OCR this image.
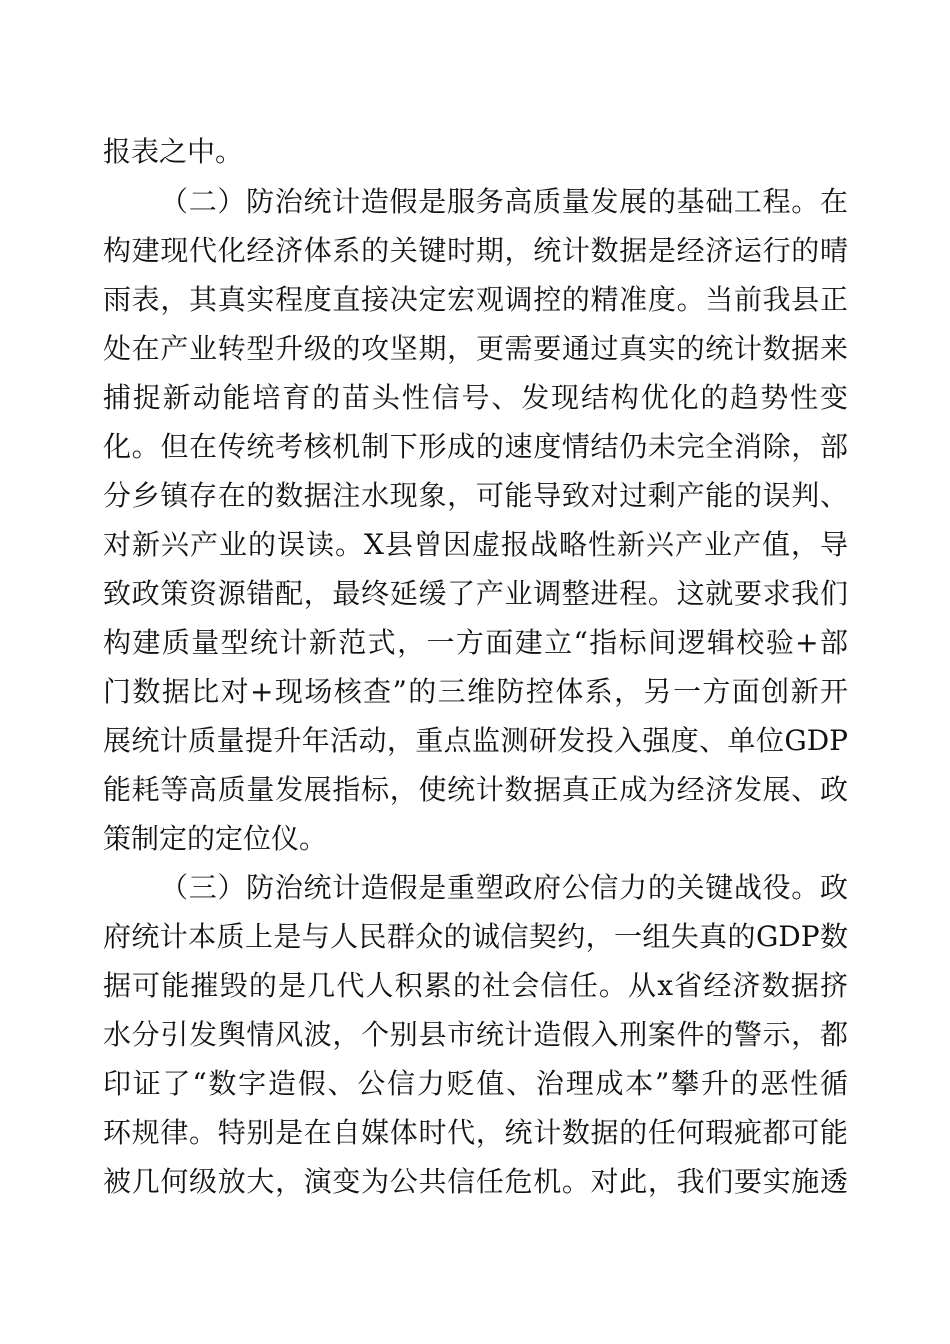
报表之中。
（二）防治统计造假是服务高质量发展的基础工程。在
构建现代化经济体系的关键时期，统计数据是经济运行的晴
雨表，其真实程度直接决定宏观调控的精准度。当前我县正
处在产业转型升级的攻坚期，更需要通过真实的统计数据来
捕捉新动能培育的苗头性信号、发现结构优化的趋势性变
化。但在传统考核机制下形成的速度情结仍未完全消除，部
分乡镇存在的数据注水现象，可能导致对过剩产能的误判、
对新兴产业的误读。X县曾因虚报战略性新兴产业产值，导
致政策资源错配，最终延缓了产业调整进程。这就要求我们
构建质量型统计新范式，一方面建立“指标间逻辑校验+部
门数据比对+现场核查”的三维防控体系，另一方面创新开
展统计质量提升年活动，重点监测研发投入强度、单位GDP
能耗等高质量发展指标，使统计数据真正成为经济发展、政
策制定的定位仪。
（三）防治统计造假是重塑政府公信力的关键战役。政
府统计本质上是与人民群众的诚信契约，一组失真的GDP数
据可能摧毁的是几代人积累的社会信任。从x省经济数据挤
水分引发舆情风波，个别县市统计造假入刑案件的警示，都
印证了“数字造假、公信力贬值、治理成本”攀升的恶性循
环规律。特别是在自媒体时代，统计数据的任何瑕疵都可能
被几何级放大，演变为公共信任危机。对此，我们要实施透
